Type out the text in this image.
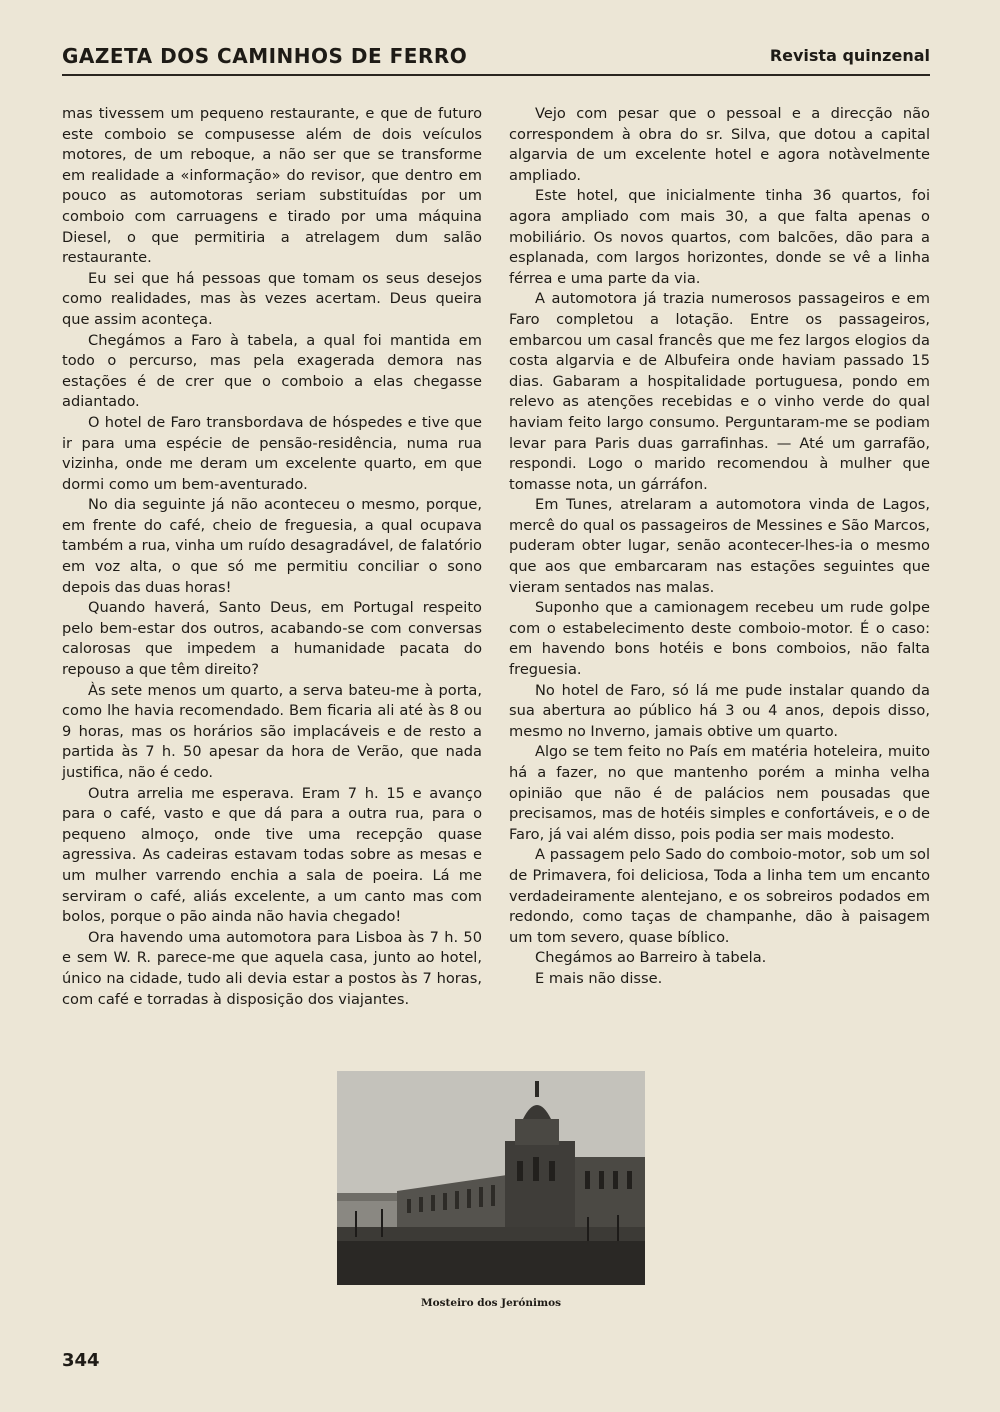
GAZETA DOS CAMINHOS DE FERRO	Revista quinzenal

mas tivessem um pequeno restaurante, e que de futuro este comboio se compusesse além de dois veículos motores, de um reboque, a não ser que se transforme em realidade a «informação» do revisor, que dentro em pouco as automotoras seriam substituídas por um comboio com carruagens e tirado por uma máquina Diesel, o que permitiria a atrelagem dum salão restaurante.

Eu sei que há pessoas que tomam os seus desejos como realidades, mas às vezes acertam. Deus queira que assim aconteça.

Chegámos a Faro à tabela, a qual foi mantida em todo o percurso, mas pela exagerada demora nas estações é de crer que o comboio a elas chegasse adiantado.

O hotel de Faro transbordava de hóspedes e tive que ir para uma espécie de pensão-residência, numa rua vizinha, onde me deram um excelente quarto, em que dormi como um bem-aventurado.

No dia seguinte já não aconteceu o mesmo, porque, em frente do café, cheio de freguesia, a qual ocupava também a rua, vinha um ruído desagradável, de falatório em voz alta, o que só me permitiu conciliar o sono depois das duas horas!

Quando haverá, Santo Deus, em Portugal respeito pelo bem-estar dos outros, acabando-se com conversas calorosas que impedem a humanidade pacata do repouso a que têm direito?

Às sete menos um quarto, a serva bateu-me à porta, como lhe havia recomendado. Bem ficaria ali até às 8 ou 9 horas, mas os horários são implacáveis e de resto a partida às 7 h. 50 apesar da hora de Verão, que nada justifica, não é cedo.

Outra arrelia me esperava. Eram 7 h. 15 e avanço para o café, vasto e que dá para a outra rua, para o pequeno almoço, onde tive uma recepção quase agressiva. As cadeiras estavam todas sobre as mesas e um mulher varrendo enchia a sala de poeira. Lá me serviram o café, aliás excelente, a um canto mas com bolos, porque o pão ainda não havia chegado!

Ora havendo uma automotora para Lisboa às 7 h. 50 e sem W. R. parece-me que aquela casa, junto ao hotel, único na cidade, tudo ali devia estar a postos às 7 horas, com café e torradas à disposição dos viajantes.

Vejo com pesar que o pessoal e a direcção não correspondem à obra do sr. Silva, que dotou a capital algarvia de um excelente hotel e agora notàvelmente ampliado.

Este hotel, que inicialmente tinha 36 quartos, foi agora ampliado com mais 30, a que falta apenas o mobiliário. Os novos quartos, com balcões, dão para a esplanada, com largos horizontes, donde se vê a linha férrea e uma parte da via.

A automotora já trazia numerosos passageiros e em Faro completou a lotação. Entre os passageiros, embarcou um casal francês que me fez largos elogios da costa algarvia e de Albufeira onde haviam passado 15 dias. Gabaram a hospitalidade portuguesa, pondo em relevo as atenções recebidas e o vinho verde do qual haviam feito largo consumo. Perguntaram-me se podiam levar para Paris duas garrafinhas. — Até um garrafão, respondi. Logo o marido recomendou à mulher que tomasse nota, un gárráfon.

Em Tunes, atrelaram a automotora vinda de Lagos, mercê do qual os passageiros de Messines e São Marcos, puderam obter lugar, senão acontecer-lhes-ia o mesmo que aos que embarcaram nas estações seguintes que vieram sentados nas malas.

Suponho que a camionagem recebeu um rude golpe com o estabelecimento deste comboio-motor. É o caso: em havendo bons hotéis e bons comboios, não falta freguesia.

No hotel de Faro, só lá me pude instalar quando da sua abertura ao público há 3 ou 4 anos, depois disso, mesmo no Inverno, jamais obtive um quarto.

Algo se tem feito no País em matéria hoteleira, muito há a fazer, no que mantenho porém a minha velha opinião que não é de palácios nem pousadas que precisamos, mas de hotéis simples e confortáveis, e o de Faro, já vai além disso, pois podia ser mais modesto.

A passagem pelo Sado do comboio-motor, sob um sol de Primavera, foi deliciosa, Toda a linha tem um encanto verdadeiramente alentejano, e os sobreiros podados em redondo, como taças de champanhe, dão à paisagem um tom severo, quase bíblico.

Chegámos ao Barreiro à tabela.

E mais não disse.

Mosteiro dos Jerónimos
344
